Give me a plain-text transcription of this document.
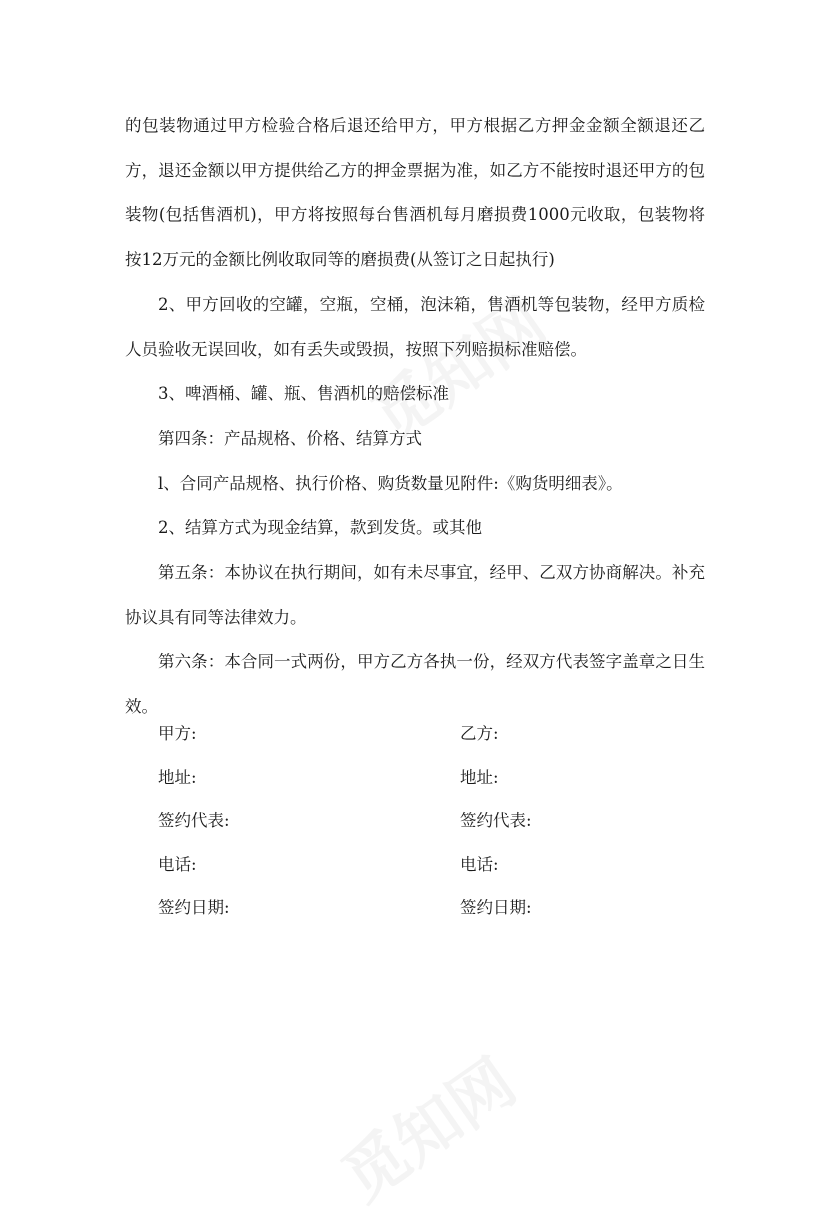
的包装物通过甲方检验合格后退还给甲方，甲方根据乙方押金金额全额退还乙方，退还金额以甲方提供给乙方的押金票据为准，如乙方不能按时退还甲方的包装物(包括售酒机)，甲方将按照每台售酒机每月磨损费1000元收取，包装物将按12万元的金额比例收取同等的磨损费(从签订之日起执行)

2、甲方回收的空罐，空瓶，空桶，泡沫箱，售酒机等包装物，经甲方质检人员验收无误回收，如有丢失或毁损，按照下列赔损标准赔偿。

3、啤酒桶、罐、瓶、售酒机的赔偿标准

第四条：产品规格、价格、结算方式

l、合同产品规格、执行价格、购货数量见附件:《购货明细表》。

2、结算方式为现金结算，款到发货。或其他

第五条：本协议在执行期间，如有未尽事宜，经甲、乙双方协商解决。补充协议具有同等法律效力。

第六条：本合同一式两份，甲方乙方各执一份，经双方代表签字盖章之日生效。

甲方:	乙方:
地址:	地址:
签约代表:	签约代表:
电话:	电话:
签约日期:	签约日期:
